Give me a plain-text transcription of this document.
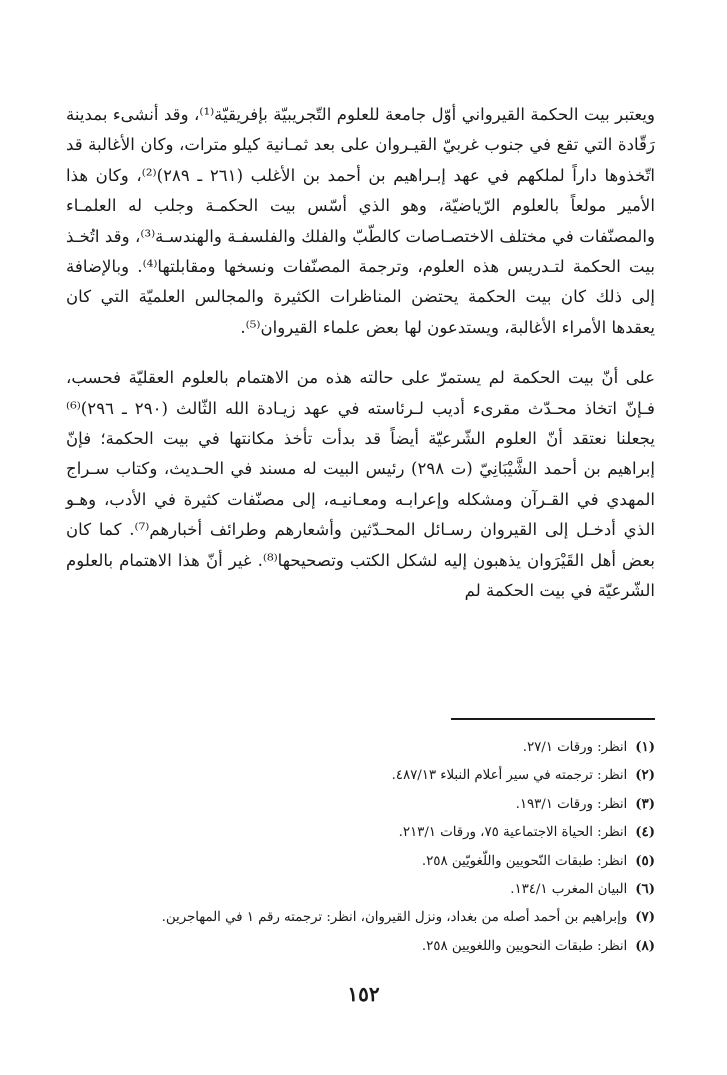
ويعتبر بيت الحكمة القيرواني أوّل جامعة للعلوم التّجريبيّة بإفريقيّة⁽¹⁾، وقد أنشىء بمدينة رَقّادة التي تقع في جنوب غربيّ القيـروان على بعد ثمـانية كيلو مترات، وكان الأغالبة قد اتّخذوها داراً لملكهم في عهد إبـراهيم بن أحمد بن الأغلب (٢٦١ ـ ٢٨٩)⁽²⁾، وكان هذا الأمير مولعاً بالعلوم الرّياضيّة، وهو الذي أسّس بيت الحكمـة وجلب له العلمـاء والمصنّفات في مختلف الاختصـاصات كالطّبّ والفلك والفلسفـة والهندسـة⁽³⁾، وقد اتُخـذ بيت الحكمة لتـدريس هذه العلوم، وترجمة المصنّفات ونسخها ومقابلتها⁽⁴⁾. وبالإضافة إلى ذلك كان بيت الحكمة يحتضن المناظرات الكثيرة والمجالس العلميّة التي كان يعقدها الأمراء الأغالبة، ويستدعون لها بعض علماء القيروان⁽⁵⁾.

على أنّ بيت الحكمة لم يستمرّ على حالته هذه من الاهتمام بالعلوم العقليّة فحسب، فـإنّ اتخاذ محـدّث مقرىء أديب لـرئاسته في عهد زيـادة الله الثّالث (٢٩٠ ـ ٢٩٦)⁽⁶⁾ يجعلنا نعتقد أنّ العلوم الشّرعيّة أيضاً قد بدأت تأخذ مكانتها في بيت الحكمة؛ فإنّ إبراهيم بن أحمد الشَّيْبَانِيّ (ت ٢٩٨) رئيس البيت له مسند في الحـديث، وكتاب سـراج المهدي في القـرآن ومشكله وإعرابـه ومعـانيـه، إلى مصنّفات كثيرة في الأدب، وهـو الذي أدخـل إلى القيروان رسـائل المحـدّثين وأشعارهم وطرائف أخبارهم⁽⁷⁾. كما كان بعض أهل القَيْرَوان يذهبون إليه لشكل الكتب وتصحيحها⁽⁸⁾. غير أنّ هذا الاهتمام بالعلوم الشّرعيّة في بيت الحكمة لم

(١)انظر: ورقات ٢٧/١.
(٢)انظر: ترجمته في سير أعلام النبلاء ٤٨٧/١٣.
(٣)انظر: ورقات ١٩٣/١.
(٤)انظر: الحياة الاجتماعية ٧٥، ورقات ٢١٣/١.
(٥)انظر: طبقات النّحويين واللّغويّين ٢٥٨.
(٦)البيان المغرب ١٣٤/١.
(٧)وإبراهيم بن أحمد أصله من بغداد، ونزل القيروان، انظر: ترجمته رقم ١ في المهاجرين.
(٨)انظر: طبقات النحويين واللغويين ٢٥٨.
١٥٢
